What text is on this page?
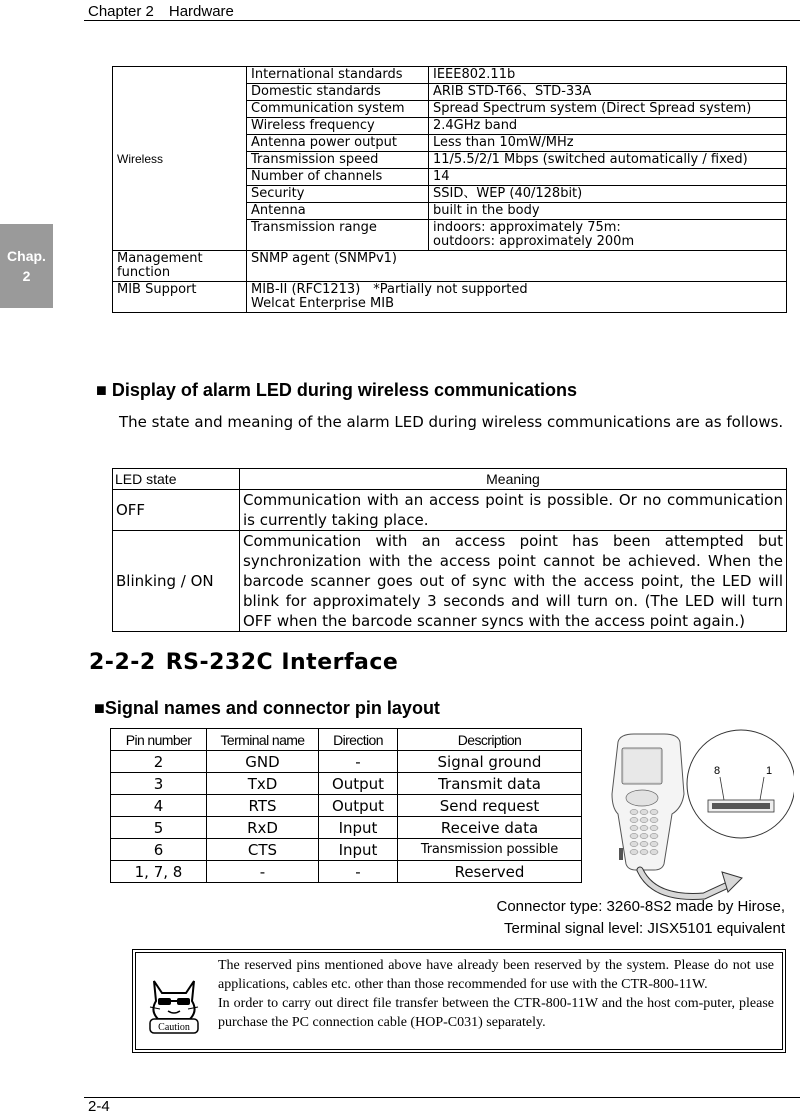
Chapter 2　Hardware
Chap.
2
Wireless	International standards	IEEE802.11b
	Domestic standards	ARIB STD-T66、STD-33A
	Communication system	Spread Spectrum system (Direct Spread system)
	Wireless frequency	2.4GHz band
	Antenna power output	Less than 10mW/MHz
	Transmission speed	11/5.5/2/1 Mbps (switched automatically / fixed)
	Number of channels	14
	Security	SSID、WEP (40/128bit)
	Antenna	built in the body
	Transmission range	indoors: approximately 75m:
outdoors: approximately 200m

Management function	SNMP agent (SNMPv1)	
MIB Support	MIB-II (RFC1213)　*Partially not supported
Welcat Enterprise MIB	
■ Display of alarm LED during wireless communications
The state and meaning of the alarm LED during wireless communications are as follows.
LED state	Meaning
OFF	Communication with an access point is possible. Or no communication is currently taking place.
Blinking / ON	Communication with an access point has been attempted but synchronization with the access point cannot be achieved. When the barcode scanner goes out of sync with the access point, the LED will blink for approximately 3 seconds and will turn on. (The LED will turn OFF when the barcode scanner syncs with the access point again.)
2-2-2 RS-232C Interface
■Signal names and connector pin layout
Pin number	Terminal name	Direction	Description
2	GND	-	Signal ground
3	TxD	Output	Transmit data
4	RTS	Output	Send request
5	RxD	Input	Receive data
6	CTS	Input	Transmission possible
1, 7, 8	-	-	Reserved
8	1
Connector type: 3260-8S2 made by Hirose,
Terminal signal level: JISX5101 equivalent
Caution

The reserved pins mentioned above have already been reserved by the system. Please do not use applications, cables etc. other than those recommended for use with the CTR-800-11W.

In order to carry out direct file transfer between the CTR-800-11W and the host com-puter, please purchase the PC connection cable (HOP-C031) separately.

2-4
